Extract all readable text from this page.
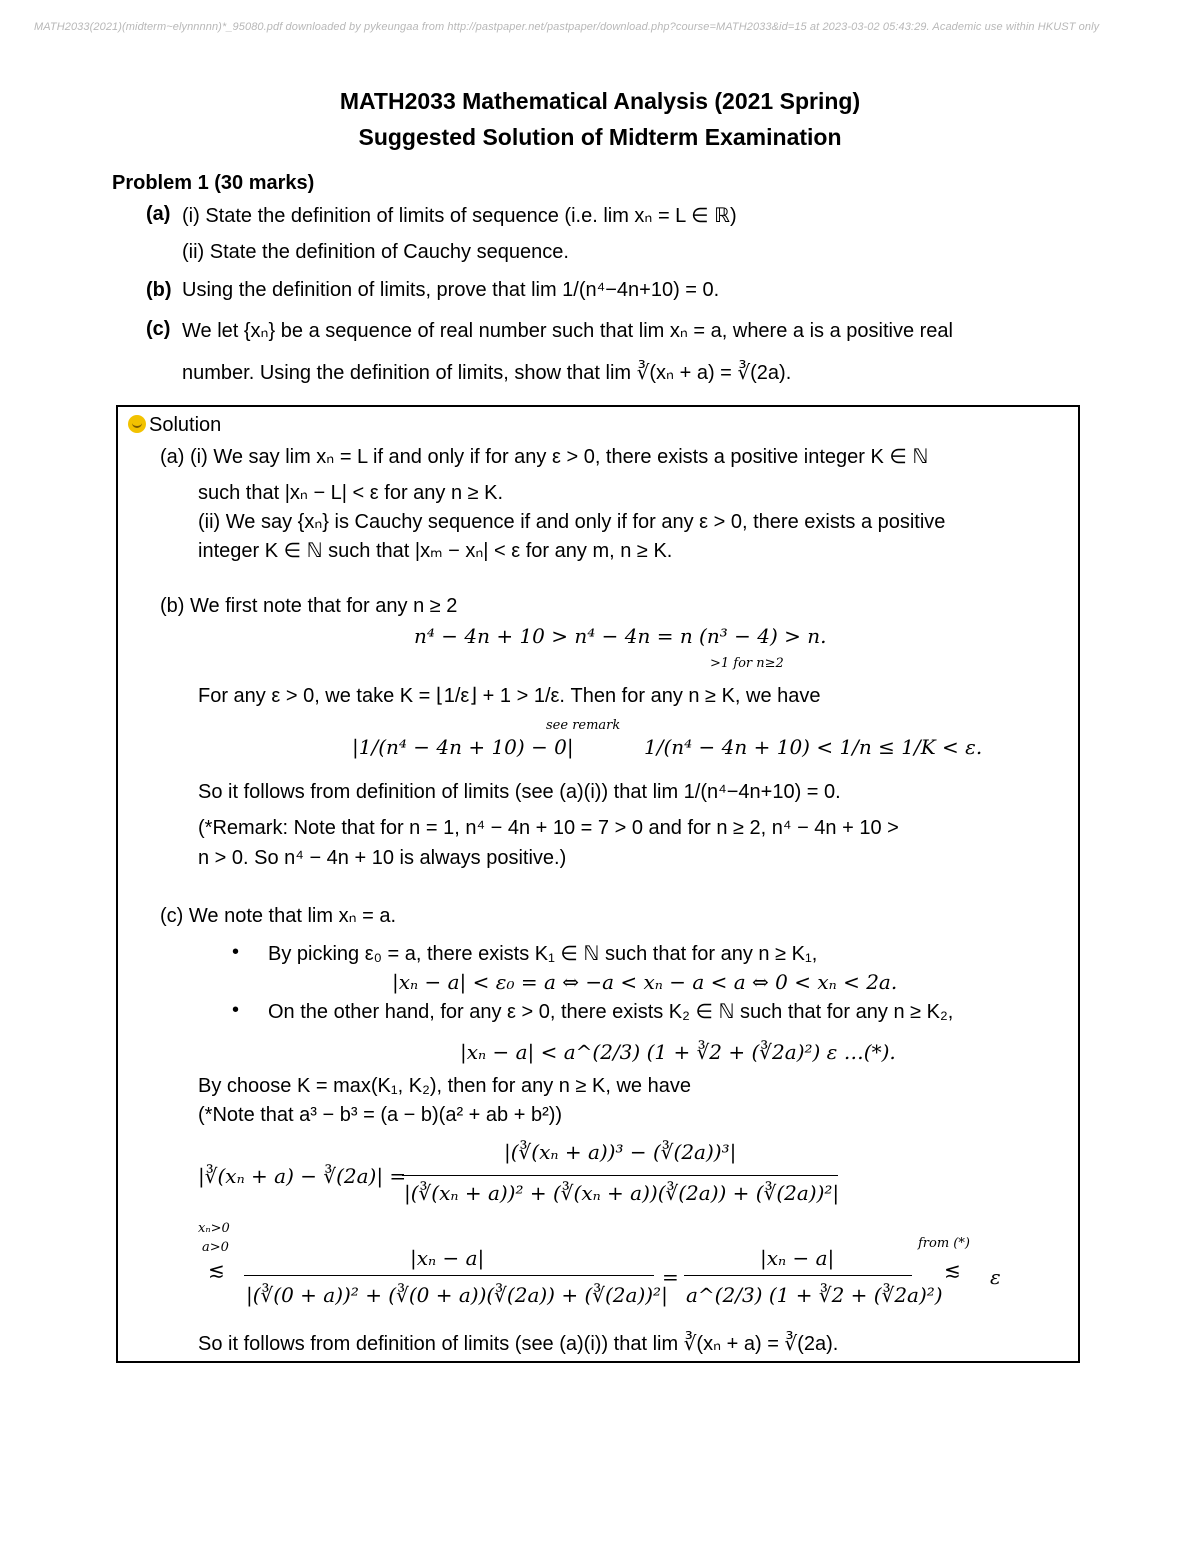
MATH2033(2021)(midterm~elynnnnn)*_95080.pdf downloaded by pykeungaa from http://pastpaper.net/pastpaper/download.php?course=MATH2033&id=15 at 2023-03-02 05:43:29. Academic use within HKUST only
MATH2033 Mathematical Analysis (2021 Spring)
Suggested Solution of Midterm Examination
Problem 1 (30 marks)
(a) (i) State the definition of limits of sequence (i.e. lim xₙ = L ∈ ℝ)
(ii) State the definition of Cauchy sequence.
(b) Using the definition of limits, prove that lim 1/(n⁴−4n+10) = 0.
(c) We let {xₙ} be a sequence of real number such that lim xₙ = a, where a is a positive real
number. Using the definition of limits, show that lim ∛(xₙ + a) = ∛(2a).
Solution
(a) (i) We say lim xₙ = L if and only if for any ε > 0, there exists a positive integer K ∈ ℕ
such that |xₙ − L| < ε for any n ≥ K.
(ii) We say {xₙ} is Cauchy sequence if and only if for any ε > 0, there exists a positive
integer K ∈ ℕ such that |xₘ − xₙ| < ε for any m, n ≥ K.
(b) We first note that for any n ≥ 2
n⁴ − 4n + 10 > n⁴ − 4n = n (n³ − 4) > n.
>1 for n≥2
For any ε > 0, we take K = ⌊1/ε⌋ + 1 > 1/ε. Then for any n ≥ K, we have
|1/(n⁴ − 4n + 10) − 0|
see remark
1/(n⁴ − 4n + 10) < 1/n ≤ 1/K < ε.
So it follows from definition of limits (see (a)(i)) that lim 1/(n⁴−4n+10) = 0.
(*Remark: Note that for n = 1, n⁴ − 4n + 10 = 7 > 0 and for n ≥ 2, n⁴ − 4n + 10 >
n > 0. So n⁴ − 4n + 10 is always positive.)
(c) We note that lim xₙ = a.
• By picking ε₀ = a, there exists K₁ ∈ ℕ such that for any n ≥ K₁,
|xₙ − a| < ε₀ = a ⇔ −a < xₙ − a < a ⇔ 0 < xₙ < 2a.
• On the other hand, for any ε > 0, there exists K₂ ∈ ℕ such that for any n ≥ K₂,
|xₙ − a| < a^(2/3) (1 + ∛2 + (∛2a)²) ε …(*).
By choose K = max(K₁, K₂), then for any n ≥ K, we have
(*Note that a³ − b³ = (a − b)(a² + ab + b²))
|∛(xₙ + a) − ∛(2a)| =
|(∛(xₙ + a))³ − (∛(2a))³|
|(∛(xₙ + a))² + (∛(xₙ + a))(∛(2a)) + (∛(2a))²|
xₙ>0
a>0
≲	|xₙ − a|
|(∛(0 + a))² + (∛(0 + a))(∛(2a)) + (∛(2a))²|
=
|xₙ − a|
a^(2/3) (1 + ∛2 + (∛2a)²)
from (*)
≲ ε
So it follows from definition of limits (see (a)(i)) that lim ∛(xₙ + a) = ∛(2a).
